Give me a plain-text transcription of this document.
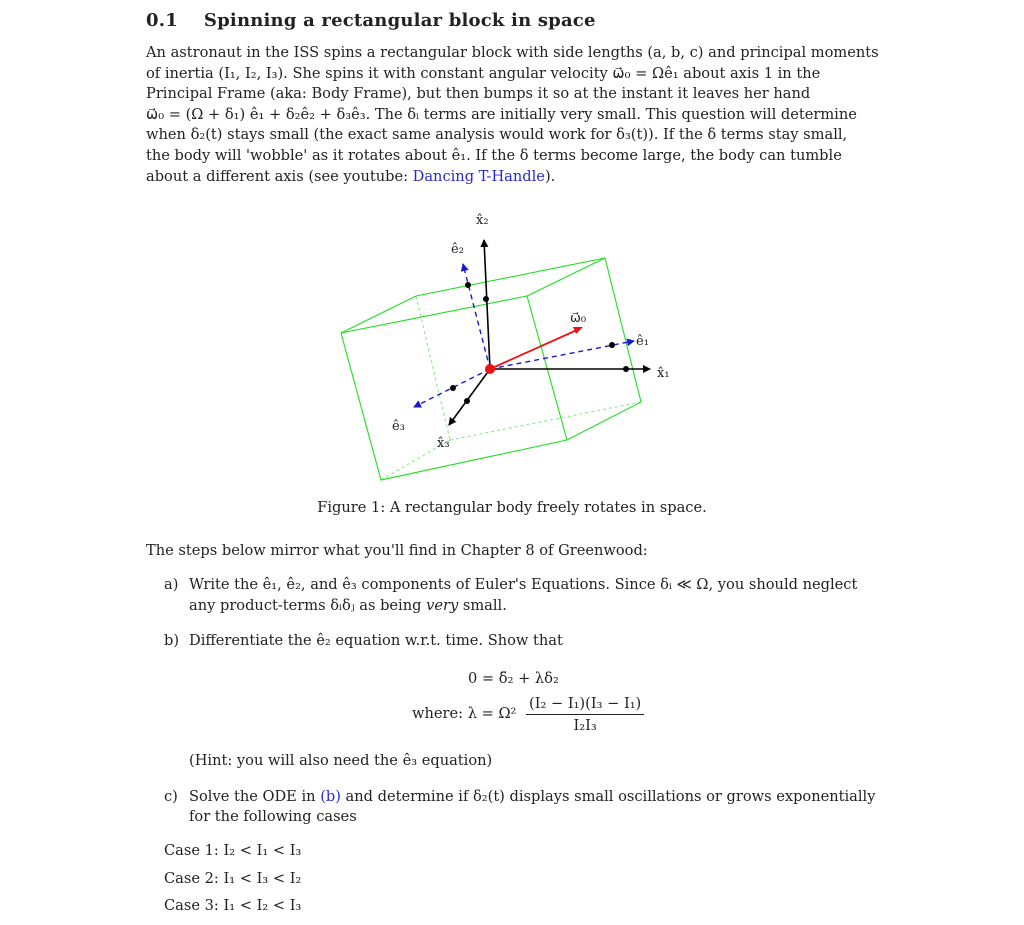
0.1 Spinning a rectangular block in space
An astronaut in the ISS spins a rectangular block with side lengths (a, b, c) and principal moments
of inertia (I₁, I₂, I₃). She spins it with constant angular velocity ω⃗₀ = Ωê₁ about axis 1 in the
Principal Frame (aka: Body Frame), but then bumps it so at the instant it leaves her hand
ω⃗₀ = (Ω + δ₁) ê₁ + δ₂ê₂ + δ₃ê₃. The δᵢ terms are initially very small. This question will determine
when δ₂(t) stays small (the exact same analysis would work for δ₃(t)). If the δ terms stay small,
the body will 'wobble' as it rotates about ê₁. If the δ terms become large, the body can tumble
about a different axis (see youtube: Dancing T-Handle).
x̂₂
ê₂
ω⃗₀
ê₁
x̂₁
ê₃
x̂₃
Figure 1: A rectangular body freely rotates in space.
The steps below mirror what you'll find in Chapter 8 of Greenwood:
a) Write the ê₁, ê₂, and ê₃ components of Euler's Equations. Since δᵢ ≪ Ω, you should neglect
any product-terms δᵢδⱼ as being very small.
b) Differentiate the ê₂ equation w.r.t. time. Show that
0 = δ̈₂ + λδ₂
where: $\lambda = \Omega^2 \frac{\text{(I₂ − I₁)(I₃ − I₁)}}{\text{I₂I₃}}$
(Hint: you will also need the ê₃ equation)
c) Solve the ODE in (b) and determine if δ₂(t) displays small oscillations or grows exponentially
for the following cases
Case 1: I₂ < I₁ < I₃
Case 2: I₁ < I₃ < I₂
Case 3: I₁ < I₂ < I₃
